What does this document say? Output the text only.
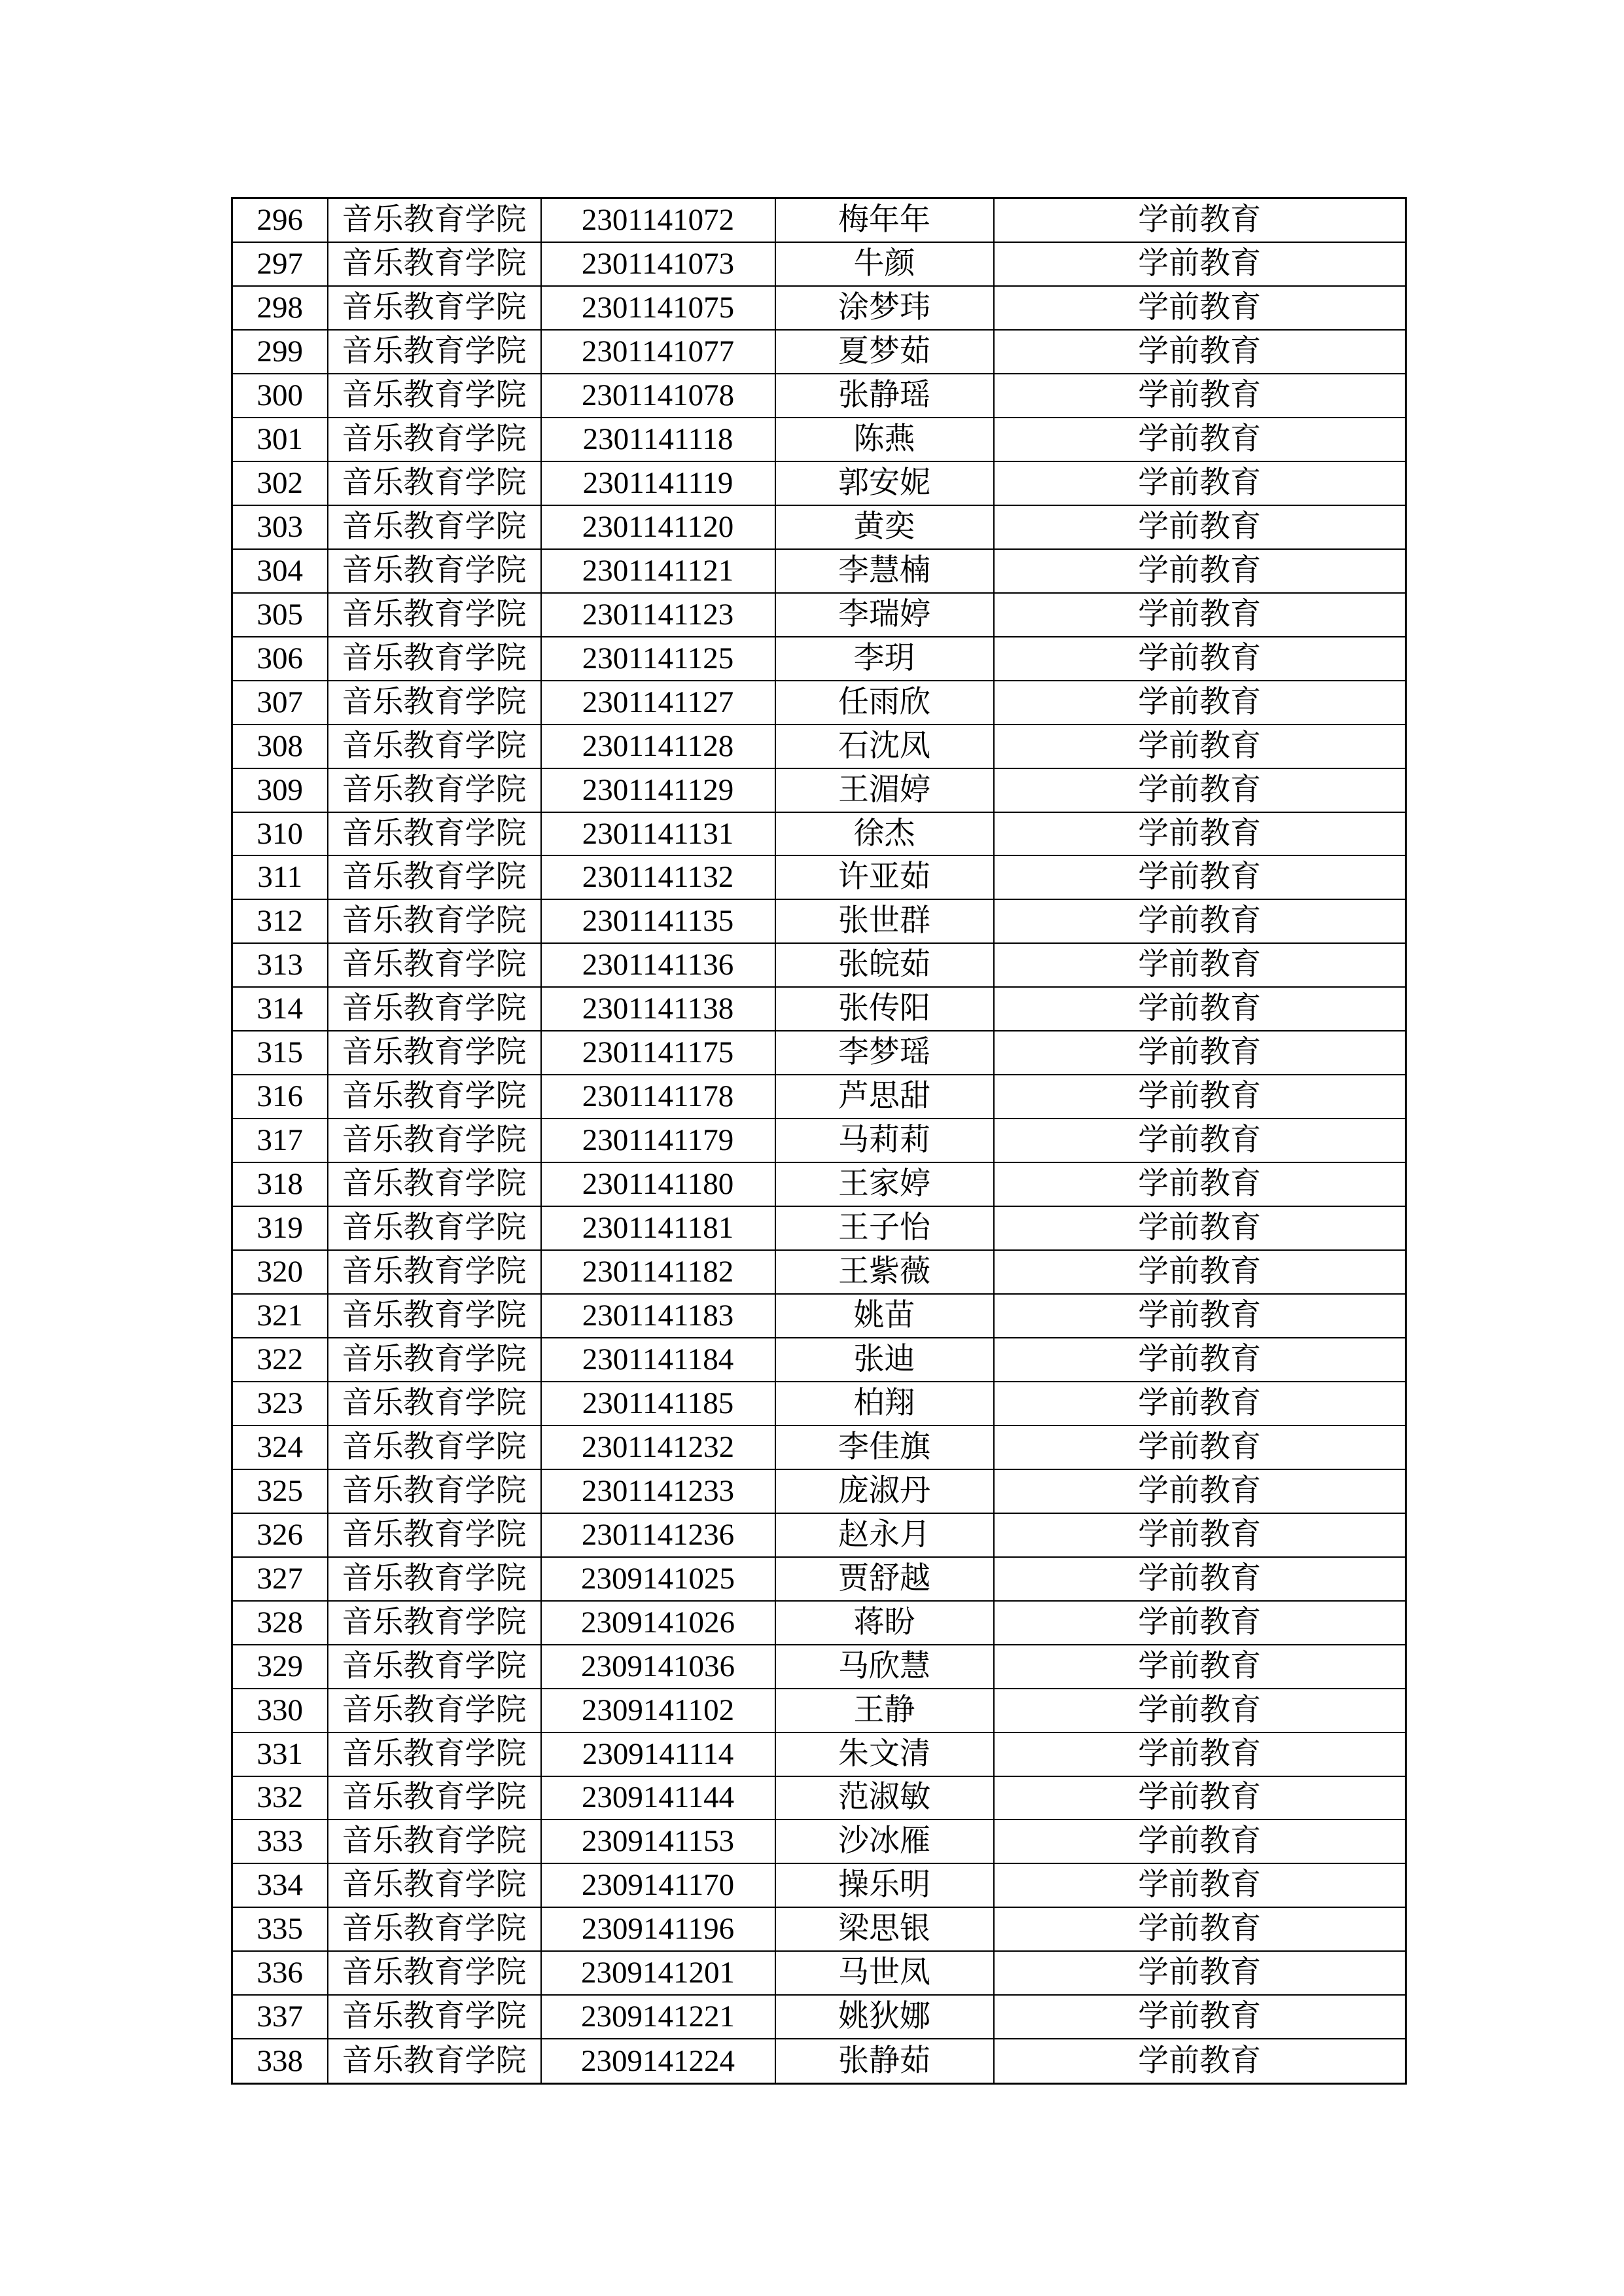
296	音乐教育学院	2301141072	梅年年	学前教育
297	音乐教育学院	2301141073	牛颜	学前教育
298	音乐教育学院	2301141075	涂梦玮	学前教育
299	音乐教育学院	2301141077	夏梦茹	学前教育
300	音乐教育学院	2301141078	张静瑶	学前教育
301	音乐教育学院	2301141118	陈燕	学前教育
302	音乐教育学院	2301141119	郭安妮	学前教育
303	音乐教育学院	2301141120	黄奕	学前教育
304	音乐教育学院	2301141121	李慧楠	学前教育
305	音乐教育学院	2301141123	李瑞婷	学前教育
306	音乐教育学院	2301141125	李玥	学前教育
307	音乐教育学院	2301141127	任雨欣	学前教育
308	音乐教育学院	2301141128	石沈凤	学前教育
309	音乐教育学院	2301141129	王湄婷	学前教育
310	音乐教育学院	2301141131	徐杰	学前教育
311	音乐教育学院	2301141132	许亚茹	学前教育
312	音乐教育学院	2301141135	张世群	学前教育
313	音乐教育学院	2301141136	张皖茹	学前教育
314	音乐教育学院	2301141138	张传阳	学前教育
315	音乐教育学院	2301141175	李梦瑶	学前教育
316	音乐教育学院	2301141178	芦思甜	学前教育
317	音乐教育学院	2301141179	马莉莉	学前教育
318	音乐教育学院	2301141180	王家婷	学前教育
319	音乐教育学院	2301141181	王子怡	学前教育
320	音乐教育学院	2301141182	王紫薇	学前教育
321	音乐教育学院	2301141183	姚苗	学前教育
322	音乐教育学院	2301141184	张迪	学前教育
323	音乐教育学院	2301141185	柏翔	学前教育
324	音乐教育学院	2301141232	李佳旗	学前教育
325	音乐教育学院	2301141233	庞淑丹	学前教育
326	音乐教育学院	2301141236	赵永月	学前教育
327	音乐教育学院	2309141025	贾舒越	学前教育
328	音乐教育学院	2309141026	蒋盼	学前教育
329	音乐教育学院	2309141036	马欣慧	学前教育
330	音乐教育学院	2309141102	王静	学前教育
331	音乐教育学院	2309141114	朱文清	学前教育
332	音乐教育学院	2309141144	范淑敏	学前教育
333	音乐教育学院	2309141153	沙冰雁	学前教育
334	音乐教育学院	2309141170	操乐明	学前教育
335	音乐教育学院	2309141196	梁思银	学前教育
336	音乐教育学院	2309141201	马世凤	学前教育
337	音乐教育学院	2309141221	姚狄娜	学前教育
338	音乐教育学院	2309141224	张静茹	学前教育
